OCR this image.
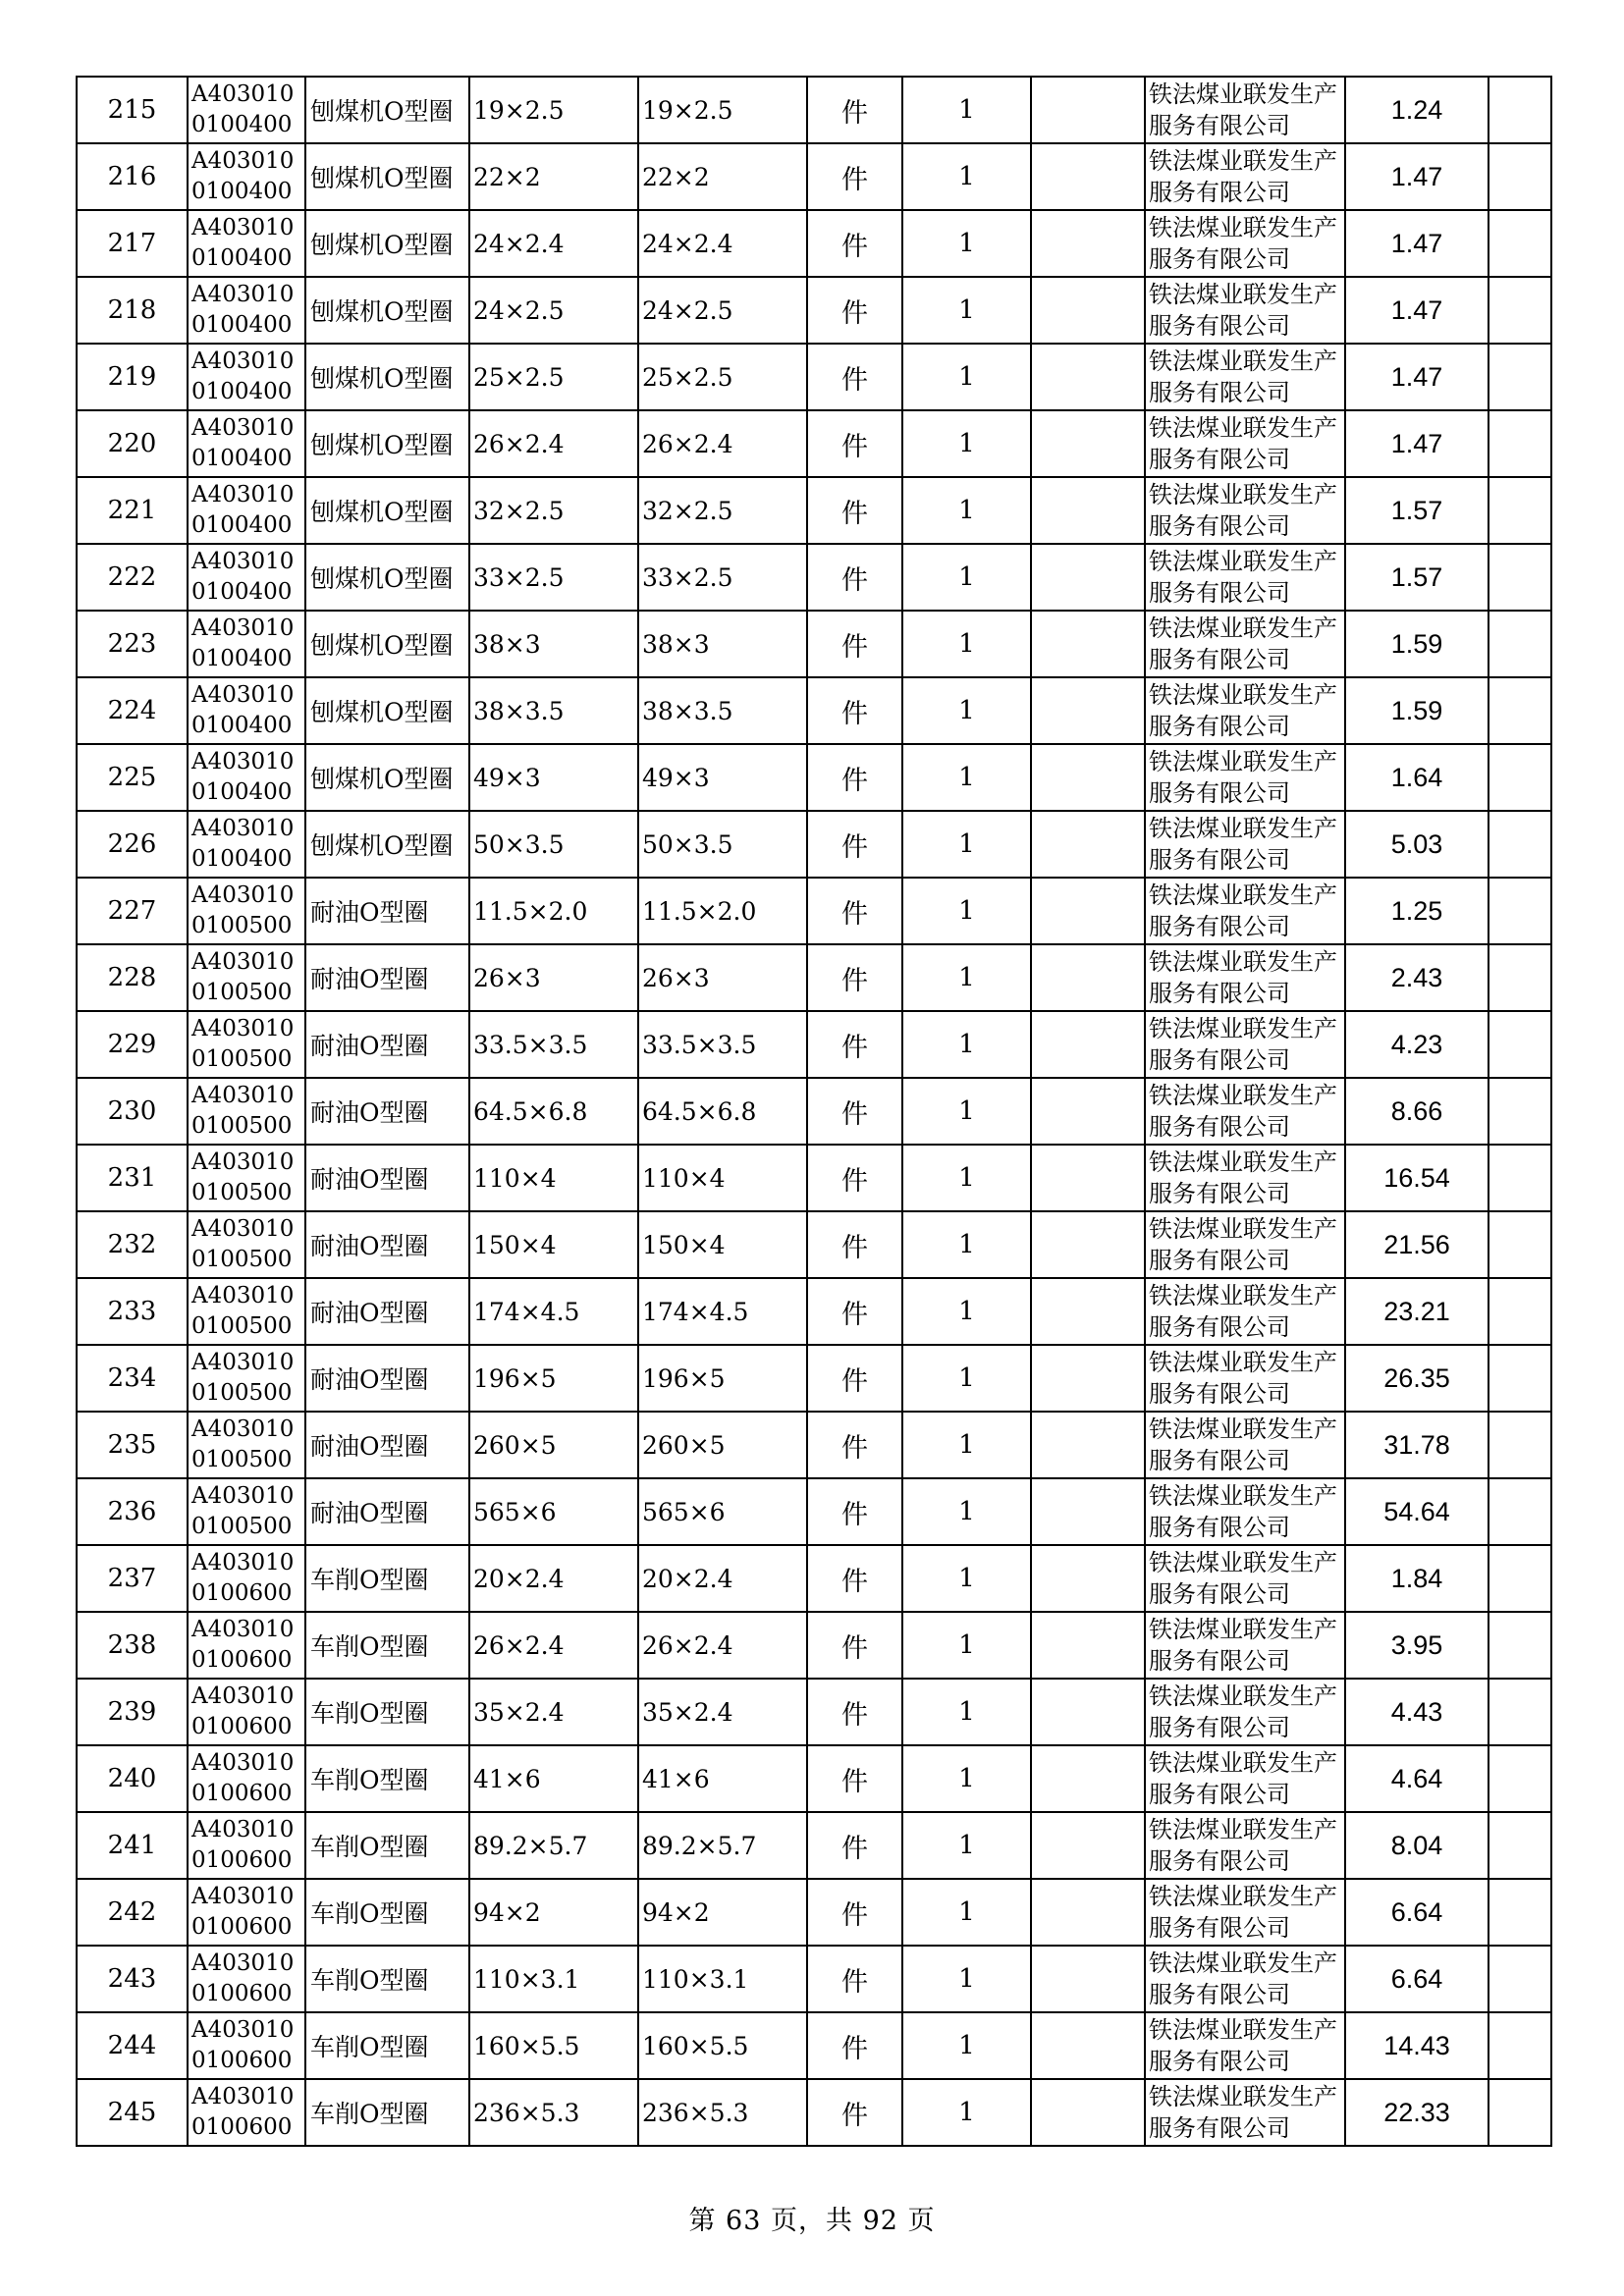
215	A4030100100400	刨煤机O型圈	19×2.5	19×2.5	件	1		铁法煤业联发生产服务有限公司	1.24	
216	A4030100100400	刨煤机O型圈	22×2	22×2	件	1		铁法煤业联发生产服务有限公司	1.47	
217	A4030100100400	刨煤机O型圈	24×2.4	24×2.4	件	1		铁法煤业联发生产服务有限公司	1.47	
218	A4030100100400	刨煤机O型圈	24×2.5	24×2.5	件	1		铁法煤业联发生产服务有限公司	1.47	
219	A4030100100400	刨煤机O型圈	25×2.5	25×2.5	件	1		铁法煤业联发生产服务有限公司	1.47	
220	A4030100100400	刨煤机O型圈	26×2.4	26×2.4	件	1		铁法煤业联发生产服务有限公司	1.47	
221	A4030100100400	刨煤机O型圈	32×2.5	32×2.5	件	1		铁法煤业联发生产服务有限公司	1.57	
222	A4030100100400	刨煤机O型圈	33×2.5	33×2.5	件	1		铁法煤业联发生产服务有限公司	1.57	
223	A4030100100400	刨煤机O型圈	38×3	38×3	件	1		铁法煤业联发生产服务有限公司	1.59	
224	A4030100100400	刨煤机O型圈	38×3.5	38×3.5	件	1		铁法煤业联发生产服务有限公司	1.59	
225	A4030100100400	刨煤机O型圈	49×3	49×3	件	1		铁法煤业联发生产服务有限公司	1.64	
226	A4030100100400	刨煤机O型圈	50×3.5	50×3.5	件	1		铁法煤业联发生产服务有限公司	5.03	
227	A4030100100500	耐油O型圈	11.5×2.0	11.5×2.0	件	1		铁法煤业联发生产服务有限公司	1.25	
228	A4030100100500	耐油O型圈	26×3	26×3	件	1		铁法煤业联发生产服务有限公司	2.43	
229	A4030100100500	耐油O型圈	33.5×3.5	33.5×3.5	件	1		铁法煤业联发生产服务有限公司	4.23	
230	A4030100100500	耐油O型圈	64.5×6.8	64.5×6.8	件	1		铁法煤业联发生产服务有限公司	8.66	
231	A4030100100500	耐油O型圈	110×4	110×4	件	1		铁法煤业联发生产服务有限公司	16.54	
232	A4030100100500	耐油O型圈	150×4	150×4	件	1		铁法煤业联发生产服务有限公司	21.56	
233	A4030100100500	耐油O型圈	174×4.5	174×4.5	件	1		铁法煤业联发生产服务有限公司	23.21	
234	A4030100100500	耐油O型圈	196×5	196×5	件	1		铁法煤业联发生产服务有限公司	26.35	
235	A4030100100500	耐油O型圈	260×5	260×5	件	1		铁法煤业联发生产服务有限公司	31.78	
236	A4030100100500	耐油O型圈	565×6	565×6	件	1		铁法煤业联发生产服务有限公司	54.64	
237	A4030100100600	车削O型圈	20×2.4	20×2.4	件	1		铁法煤业联发生产服务有限公司	1.84	
238	A4030100100600	车削O型圈	26×2.4	26×2.4	件	1		铁法煤业联发生产服务有限公司	3.95	
239	A4030100100600	车削O型圈	35×2.4	35×2.4	件	1		铁法煤业联发生产服务有限公司	4.43	
240	A4030100100600	车削O型圈	41×6	41×6	件	1		铁法煤业联发生产服务有限公司	4.64	
241	A4030100100600	车削O型圈	89.2×5.7	89.2×5.7	件	1		铁法煤业联发生产服务有限公司	8.04	
242	A4030100100600	车削O型圈	94×2	94×2	件	1		铁法煤业联发生产服务有限公司	6.64	
243	A4030100100600	车削O型圈	110×3.1	110×3.1	件	1		铁法煤业联发生产服务有限公司	6.64	
244	A4030100100600	车削O型圈	160×5.5	160×5.5	件	1		铁法煤业联发生产服务有限公司	14.43	
245	A4030100100600	车削O型圈	236×5.3	236×5.3	件	1		铁法煤业联发生产服务有限公司	22.33	
第 63 页，共 92 页
